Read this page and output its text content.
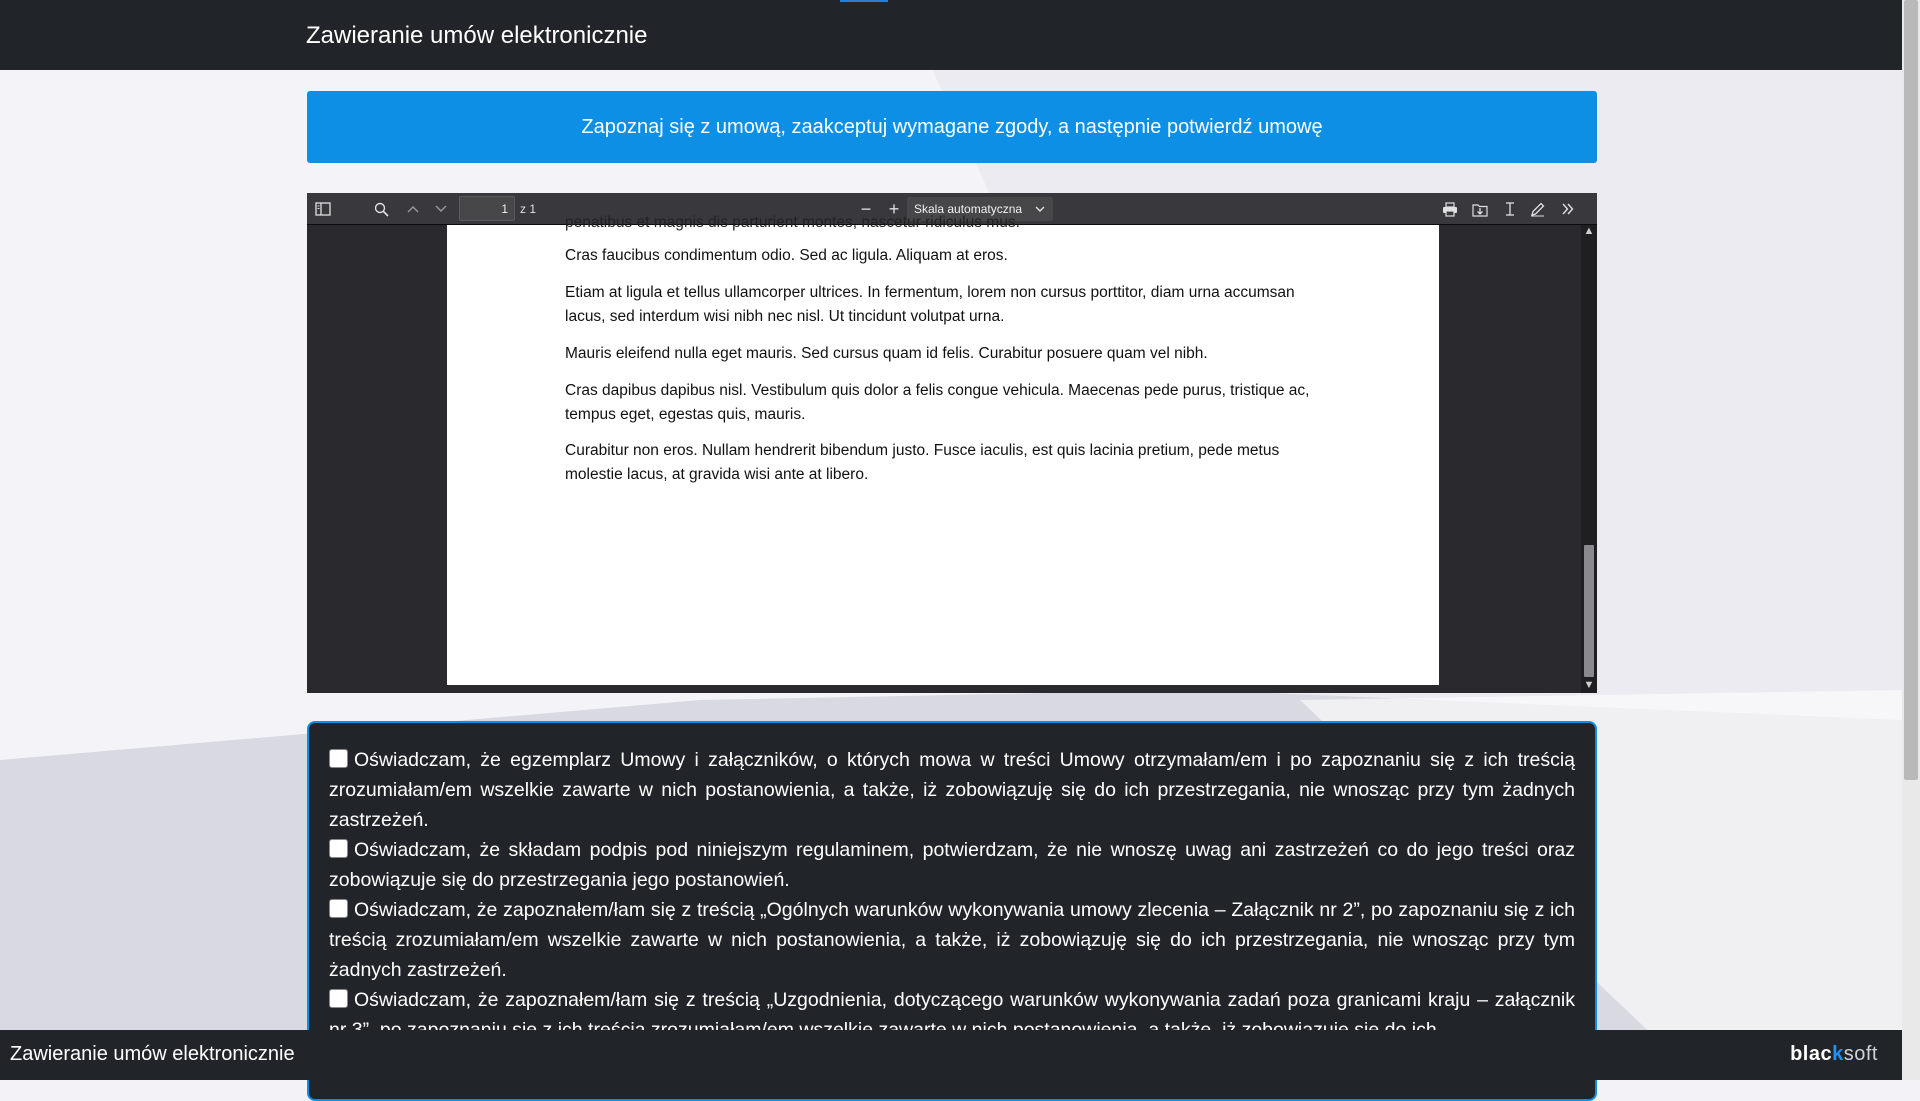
Zawieranie umów elektronicznie
Zapoznaj się z umową, zaakceptuj wymagane zgody, a następnie potwierdź umowę
1
z 1	− +	Skala automatyczna
penatibus et magnis dis parturient montes, nascetur ridiculus mus.

Cras faucibus condimentum odio. Sed ac ligula. Aliquam at eros.

Etiam at ligula et tellus ullamcorper ultrices. In fermentum, lorem non cursus porttitor, diam urna accumsan lacus, sed interdum wisi nibh nec nisl. Ut tincidunt volutpat urna.

Mauris eleifend nulla eget mauris. Sed cursus quam id felis. Curabitur posuere quam vel nibh.

Cras dapibus dapibus nisl. Vestibulum quis dolor a felis congue vehicula. Maecenas pede purus, tristique ac, tempus eget, egestas quis, mauris.

Curabitur non eros. Nullam hendrerit bibendum justo. Fusce iaculis, est quis lacinia pretium, pede metus molestie lacus, at gravida wisi ante at libero.

▲
▼
Oświadczam, że egzemplarz Umowy i załączników, o których mowa w treści Umowy otrzymałam/em i po zapoznaniu się z ich treścią zrozumiałam/em wszelkie zawarte w nich postanowienia, a także, iż zobowiązuję się do ich przestrzegania, nie wnosząc przy tym żadnych zastrzeżeń.
Oświadczam, że składam podpis pod niniejszym regulaminem, potwierdzam, że nie wnoszę uwag ani zastrzeżeń co do jego treści oraz zobowiązuje się do przestrzegania jego postanowień.
Oświadczam, że zapoznałem/łam się z treścią „Ogólnych warunków wykonywania umowy zlecenia – Załącznik nr 2”, po zapoznaniu się z ich treścią zrozumiałam/em wszelkie zawarte w nich postanowienia, a także, iż zobowiązuję się do ich przestrzegania, nie wnosząc przy tym żadnych zastrzeżeń.
Oświadczam, że zapoznałem/łam się z treścią „Uzgodnienia, dotyczącego warunków wykonywania zadań poza granicami kraju – załącznik
Zawieranie umów elektronicznie	blacksoft
